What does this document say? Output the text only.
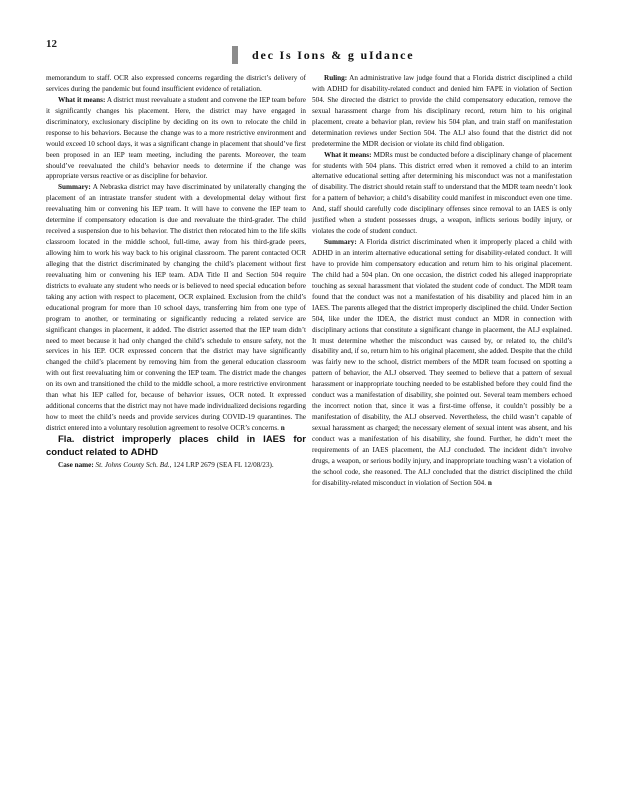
12
dec Is Ions & g uIdance

memorandum to staff. OCR also expressed concerns regarding the district’s delivery of services during the pandemic but found insufficient evidence of retaliation.

What it means: A district must reevaluate a student and convene the IEP team before it significantly changes his placement. Here, the district may have engaged in discriminatory, exclusionary discipline by deciding on its own to relocate the child in response to his behaviors. Because the change was to a more restrictive environment and would exceed 10 school days, it was a significant change in placement that should’ve first been proposed in an IEP team meeting, including the parents. Moreover, the team should’ve reevaluated the child’s behavior needs to determine if the change was appropriate versus reactive or as discipline for behavior.

Summary: A Nebraska district may have discriminated by unilaterally changing the placement of an intrastate transfer student with a developmental delay without first reevaluating him or convening his IEP team. It will have to convene the IEP team to determine if compensatory education is due and reevaluate the third-grader. The child received a suspension due to his behavior. The district then relocated him to the life skills classroom located in the middle school, full-time, away from his third-grade peers, allowing him to work his way back to his original classroom. The parent contacted OCR alleging that the district discriminated by changing the child’s placement without first reevaluating him or convening his IEP team. ADA Title II and Section 504 require districts to evaluate any student who needs or is believed to need special education before taking any action with respect to placement, OCR explained. Exclusion from the child’s educational program for more than 10 school days, transferring him from one type of program to another, or terminating or significantly reducing a related service are significant changes in placement, it added. The district asserted that the IEP team didn’t need to meet because it had only changed the child’s schedule to ensure safety, not the services in his IEP. OCR expressed concern that the district may have significantly changed the child’s placement by removing him from the general education classroom with out first reevaluating him or convening the IEP team. The district made the changes on its own and transitioned the child to the middle school, a more restrictive environment than what his IEP called for, because of behavior issues, OCR noted. It expressed additional concerns that the district may not have made individualized decisions regarding how to meet the child’s needs and provide services during COVID-19 quarantines. The district entered into a voluntary resolution agreement to resolve OCR’s concerns. n

Fla. district improperly places child in IAES for conduct related to ADHD

Case name: St. Johns County Sch. Bd., 124 LRP 2679 (SEA FL 12/08/23).

Ruling: An administrative law judge found that a Florida district disciplined a child with ADHD for disability-related conduct and denied him FAPE in violation of Section 504. She directed the district to provide the child compensatory education, remove the sexual harassment charge from his disciplinary record, return him to his original placement, create a behavior plan, review his 504 plan, and train staff on manifestation determination reviews under Section 504. The ALJ also found that the district did not predetermine the MDR decision or violate its child find obligation.

What it means: MDRs must be conducted before a disciplinary change of placement for students with 504 plans. This district erred when it removed a child to an interim alternative educational setting after determining his misconduct was not a manifestation of disability. The district should retain staff to understand that the MDR team needn’t look for a pattern of behavior; a child’s disability could manifest in misconduct even one time. And, staff should carefully code disciplinary offenses since removal to an IAES is only justified when a student possesses drugs, a weapon, inflicts serious bodily injury, or violates the code of student conduct.

Summary: A Florida district discriminated when it improperly placed a child with ADHD in an interim alternative educational setting for disability-related conduct. It will have to provide him compensatory education and return him to his original placement. The child had a 504 plan. On one occasion, the district coded his alleged inappropriate touching as sexual harassment that violated the student code of conduct. The MDR team found that the conduct was not a manifestation of his disability and placed him in an IAES. The parents alleged that the district improperly disciplined the child. Under Section 504, like under the IDEA, the district must conduct an MDR in connection with disciplinary actions that constitute a significant change in placement, the ALJ explained. It must determine whether the misconduct was caused by, or related to, the child’s disability and, if so, return him to his original placement, she added. Despite that the child was fairly new to the school, district members of the MDR team focused on spotting a pattern of behavior, the ALJ observed. They seemed to believe that a pattern of sexual harassment or inappropriate touching needed to be established before they could find the conduct was a manifestation of disability, she pointed out. Several team members echoed the incorrect notion that, since it was a first-time offense, it couldn’t possibly be a manifestation of disability, the ALJ observed. Nevertheless, the child wasn’t capable of sexual harassment as charged; the necessary element of sexual intent was absent, and his conduct was a manifestation of his disability, she found. Further, he didn’t meet the requirements of an IAES placement, the ALJ concluded. The incident didn’t involve drugs, a weapon, or serious bodily injury, and inappropriate touching wasn’t a violation of the school code, she reasoned. The ALJ concluded that the district disciplined the child for disability-related misconduct in violation of Section 504. n
